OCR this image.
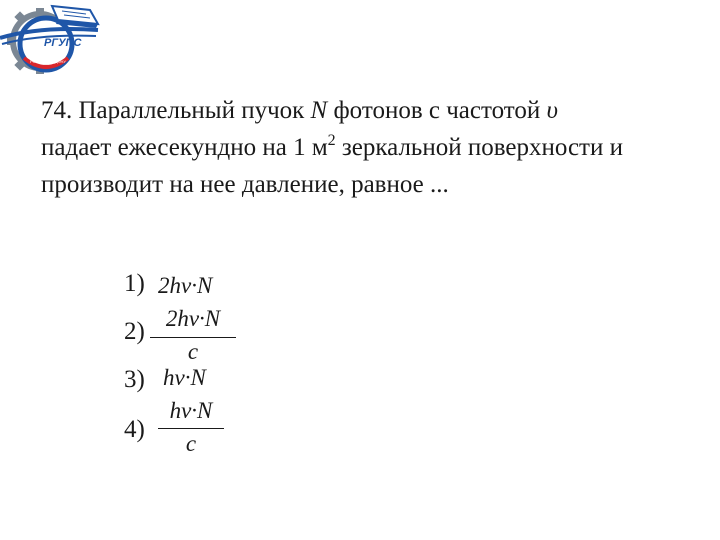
РГУПС
РОСТОВ-НА-ДОНУ
74. Параллельный пучок N фотонов с частотой υ
падает ежесекундно на 1 $м^2$ зеркальной поверхности и
производит на нее давление, равное ...
1) 2hν·N
2) 2hν·N
c
3) hν·N
4)
hν·N
c
